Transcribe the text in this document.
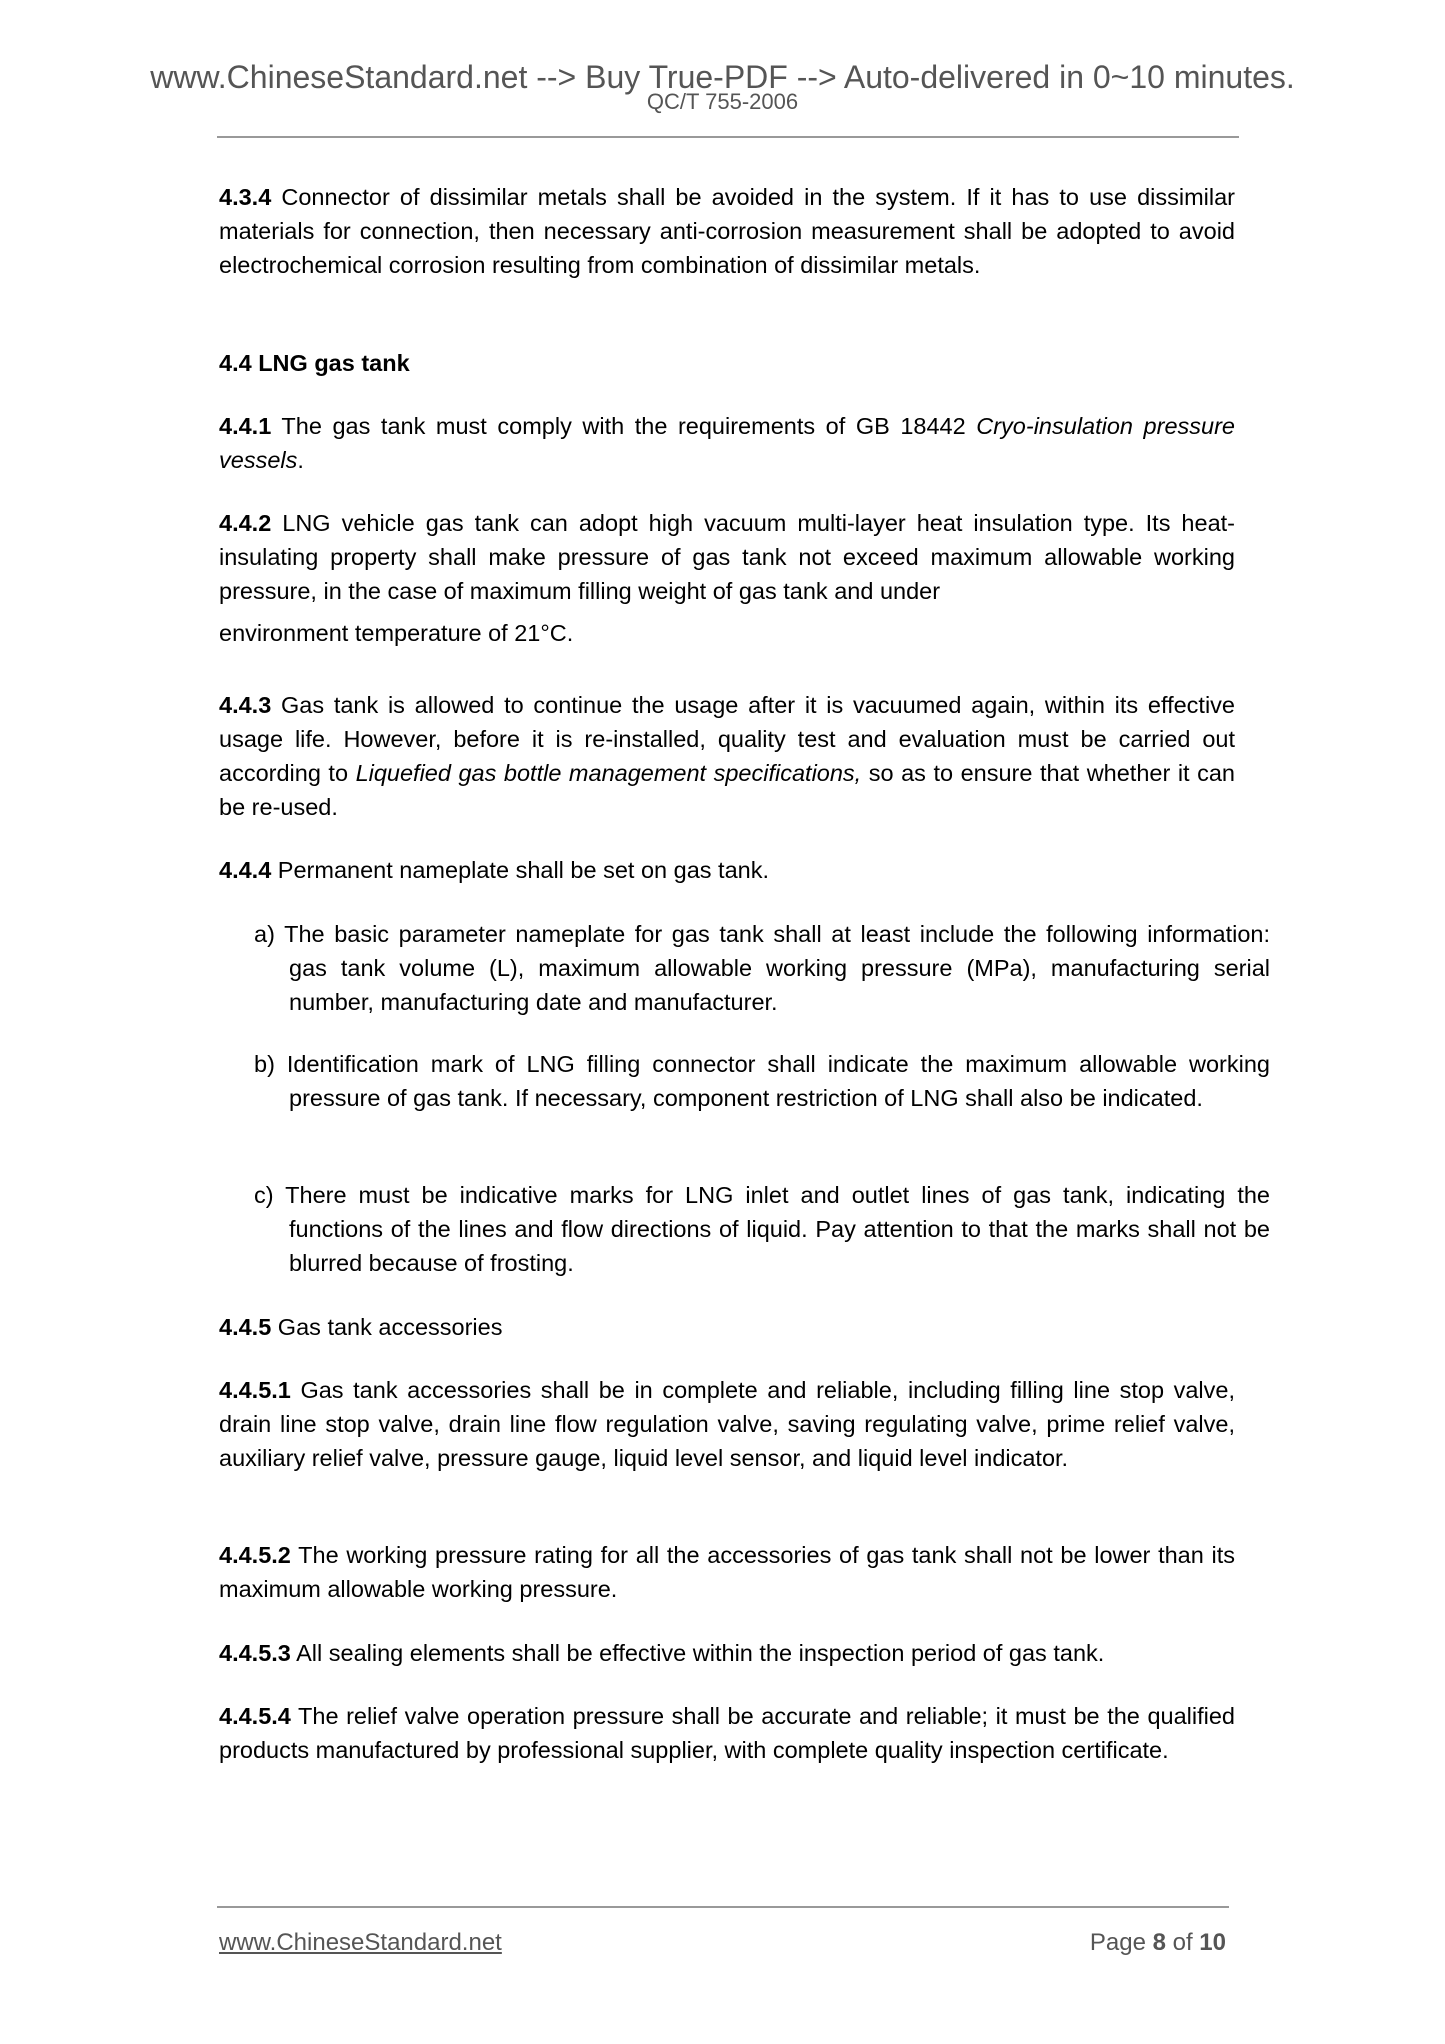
www.ChineseStandard.net --> Buy True-PDF --> Auto-delivered in 0~10 minutes.
QC/T 755-2006
4.3.4 Connector of dissimilar metals shall be avoided in the system. If it has to use dissimilar materials for connection, then necessary anti-corrosion measurement shall be adopted to avoid electrochemical corrosion resulting from combination of dissimilar metals.
4.4 LNG gas tank
4.4.1 The gas tank must comply with the requirements of GB 18442 Cryo-insulation pressure vessels.
4.4.2 LNG vehicle gas tank can adopt high vacuum multi-layer heat insulation type. Its heat-insulating property shall make pressure of gas tank not exceed maximum allowable working pressure, in the case of maximum filling weight of gas tank and under
environment temperature of 21°C.
4.4.3 Gas tank is allowed to continue the usage after it is vacuumed again, within its effective usage life. However, before it is re-installed, quality test and evaluation must be carried out according to Liquefied gas bottle management specifications, so as to ensure that whether it can be re-used.
4.4.4 Permanent nameplate shall be set on gas tank.
a) The basic parameter nameplate for gas tank shall at least include the following information: gas tank volume (L), maximum allowable working pressure (MPa), manufacturing serial number, manufacturing date and manufacturer.
b) Identification mark of LNG filling connector shall indicate the maximum allowable working pressure of gas tank. If necessary, component restriction of LNG shall also be indicated.
c) There must be indicative marks for LNG inlet and outlet lines of gas tank, indicating the functions of the lines and flow directions of liquid. Pay attention to that the marks shall not be blurred because of frosting.
4.4.5 Gas tank accessories
4.4.5.1 Gas tank accessories shall be in complete and reliable, including filling line stop valve, drain line stop valve, drain line flow regulation valve, saving regulating valve, prime relief valve, auxiliary relief valve, pressure gauge, liquid level sensor, and liquid level indicator.
4.4.5.2 The working pressure rating for all the accessories of gas tank shall not be lower than its maximum allowable working pressure.
4.4.5.3 All sealing elements shall be effective within the inspection period of gas tank.
4.4.5.4 The relief valve operation pressure shall be accurate and reliable; it must be the qualified products manufactured by professional supplier, with complete quality inspection certificate.
www.ChineseStandard.net	Page 8 of 10
